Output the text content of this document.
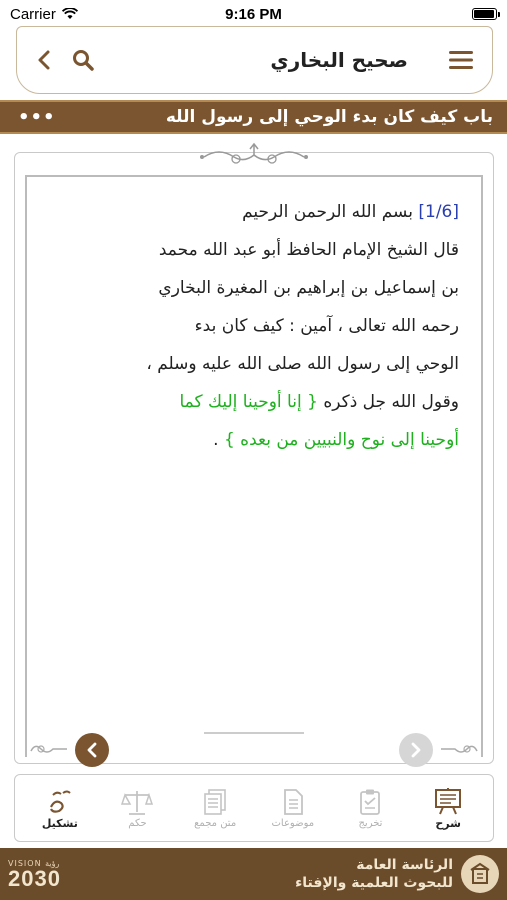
Carrier	9:16 PM
صحيح البخاري
•••	باب كيف كان بدء الوحي إلى رسول الله
[1/6] بسم الله الرحمن الرحيم
قال الشيخ الإمام الحافظ أبو عبد الله محمد
بن إسماعيل بن إبراهيم بن المغيرة البخاري
رحمه الله تعالى ، آمين : كيف كان بدء
الوحي إلى رسول الله صلى الله عليه وسلم ،
وقول الله جل ذكره { إنا أوحينا إليك كما
أوحينا إلى نوح والنبيين من بعده } .
شرح
تخريج
موضوعات
متن مجمع
حكم
تشكيل
VISION رؤية
2030
الرئاسة العامة
للبحوث العلمية والإفتاء
